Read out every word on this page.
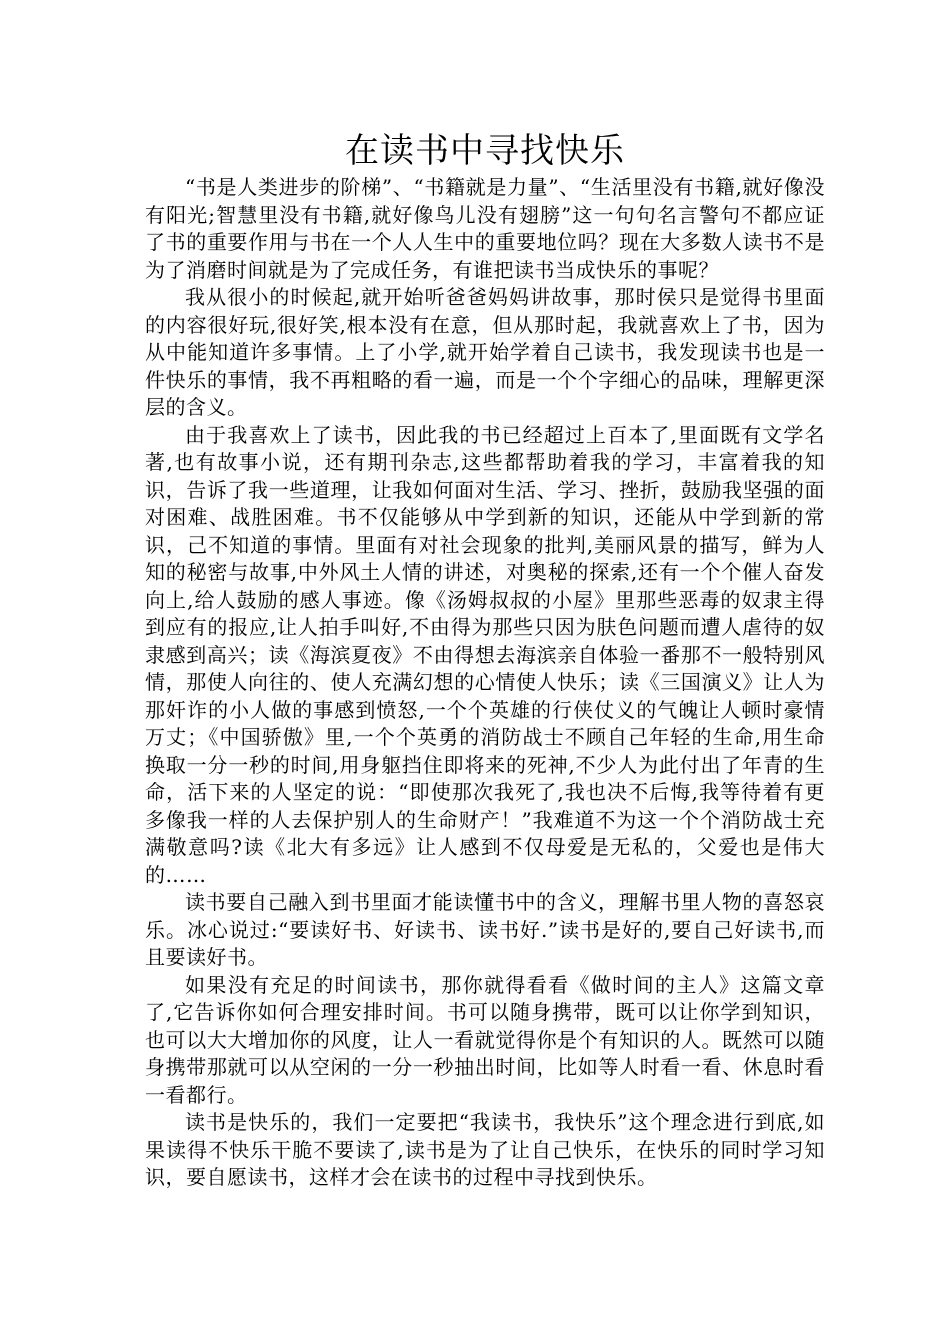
在读书中寻找快乐

“书是人类进步的阶梯”、“书籍就是力量”、“生活里没有书籍,就好像没有阳光;智慧里没有书籍,就好像鸟儿没有翅膀”这一句句名言警句不都应证了书的重要作用与书在一个人人生中的重要地位吗？现在大多数人读书不是为了消磨时间就是为了完成任务，有谁把读书当成快乐的事呢？

我从很小的时候起,就开始听爸爸妈妈讲故事，那时侯只是觉得书里面的内容很好玩,很好笑,根本没有在意，但从那时起，我就喜欢上了书，因为从中能知道许多事情。上了小学,就开始学着自己读书，我发现读书也是一件快乐的事情，我不再粗略的看一遍，而是一个个字细心的品味，理解更深层的含义。

由于我喜欢上了读书，因此我的书已经超过上百本了,里面既有文学名著,也有故事小说，还有期刊杂志,这些都帮助着我的学习，丰富着我的知识，告诉了我一些道理，让我如何面对生活、学习、挫折，鼓励我坚强的面对困难、战胜困难。书不仅能够从中学到新的知识，还能从中学到新的常识，己不知道的事情。里面有对社会现象的批判,美丽风景的描写，鲜为人知的秘密与故事,中外风土人情的讲述，对奥秘的探索,还有一个个催人奋发向上,给人鼓励的感人事迹。像《汤姆叔叔的小屋》里那些恶毒的奴隶主得到应有的报应,让人拍手叫好,不由得为那些只因为肤色问题而遭人虐待的奴隶感到高兴；读《海滨夏夜》不由得想去海滨亲自体验一番那不一般特别风情，那使人向往的、使人充满幻想的心情使人快乐；读《三国演义》让人为那奸诈的小人做的事感到愤怒,一个个英雄的行侠仗义的气魄让人顿时豪情万丈；《中国骄傲》里,一个个英勇的消防战士不顾自己年轻的生命,用生命换取一分一秒的时间,用身躯挡住即将来的死神,不少人为此付出了年青的生命，活下来的人坚定的说：“即使那次我死了,我也决不后悔,我等待着有更多像我一样的人去保护别人的生命财产！”我难道不为这一个个消防战士充满敬意吗?读《北大有多远》让人感到不仅母爱是无私的，父爱也是伟大的……

读书要自己融入到书里面才能读懂书中的含义，理解书里人物的喜怒哀乐。冰心说过:“要读好书、好读书、读书好.”读书是好的,要自己好读书,而且要读好书。

如果没有充足的时间读书，那你就得看看《做时间的主人》这篇文章了,它告诉你如何合理安排时间。书可以随身携带，既可以让你学到知识，也可以大大增加你的风度，让人一看就觉得你是个有知识的人。既然可以随身携带那就可以从空闲的一分一秒抽出时间，比如等人时看一看、休息时看一看都行。

读书是快乐的，我们一定要把“我读书，我快乐”这个理念进行到底,如果读得不快乐干脆不要读了,读书是为了让自己快乐，在快乐的同时学习知识，要自愿读书，这样才会在读书的过程中寻找到快乐。
